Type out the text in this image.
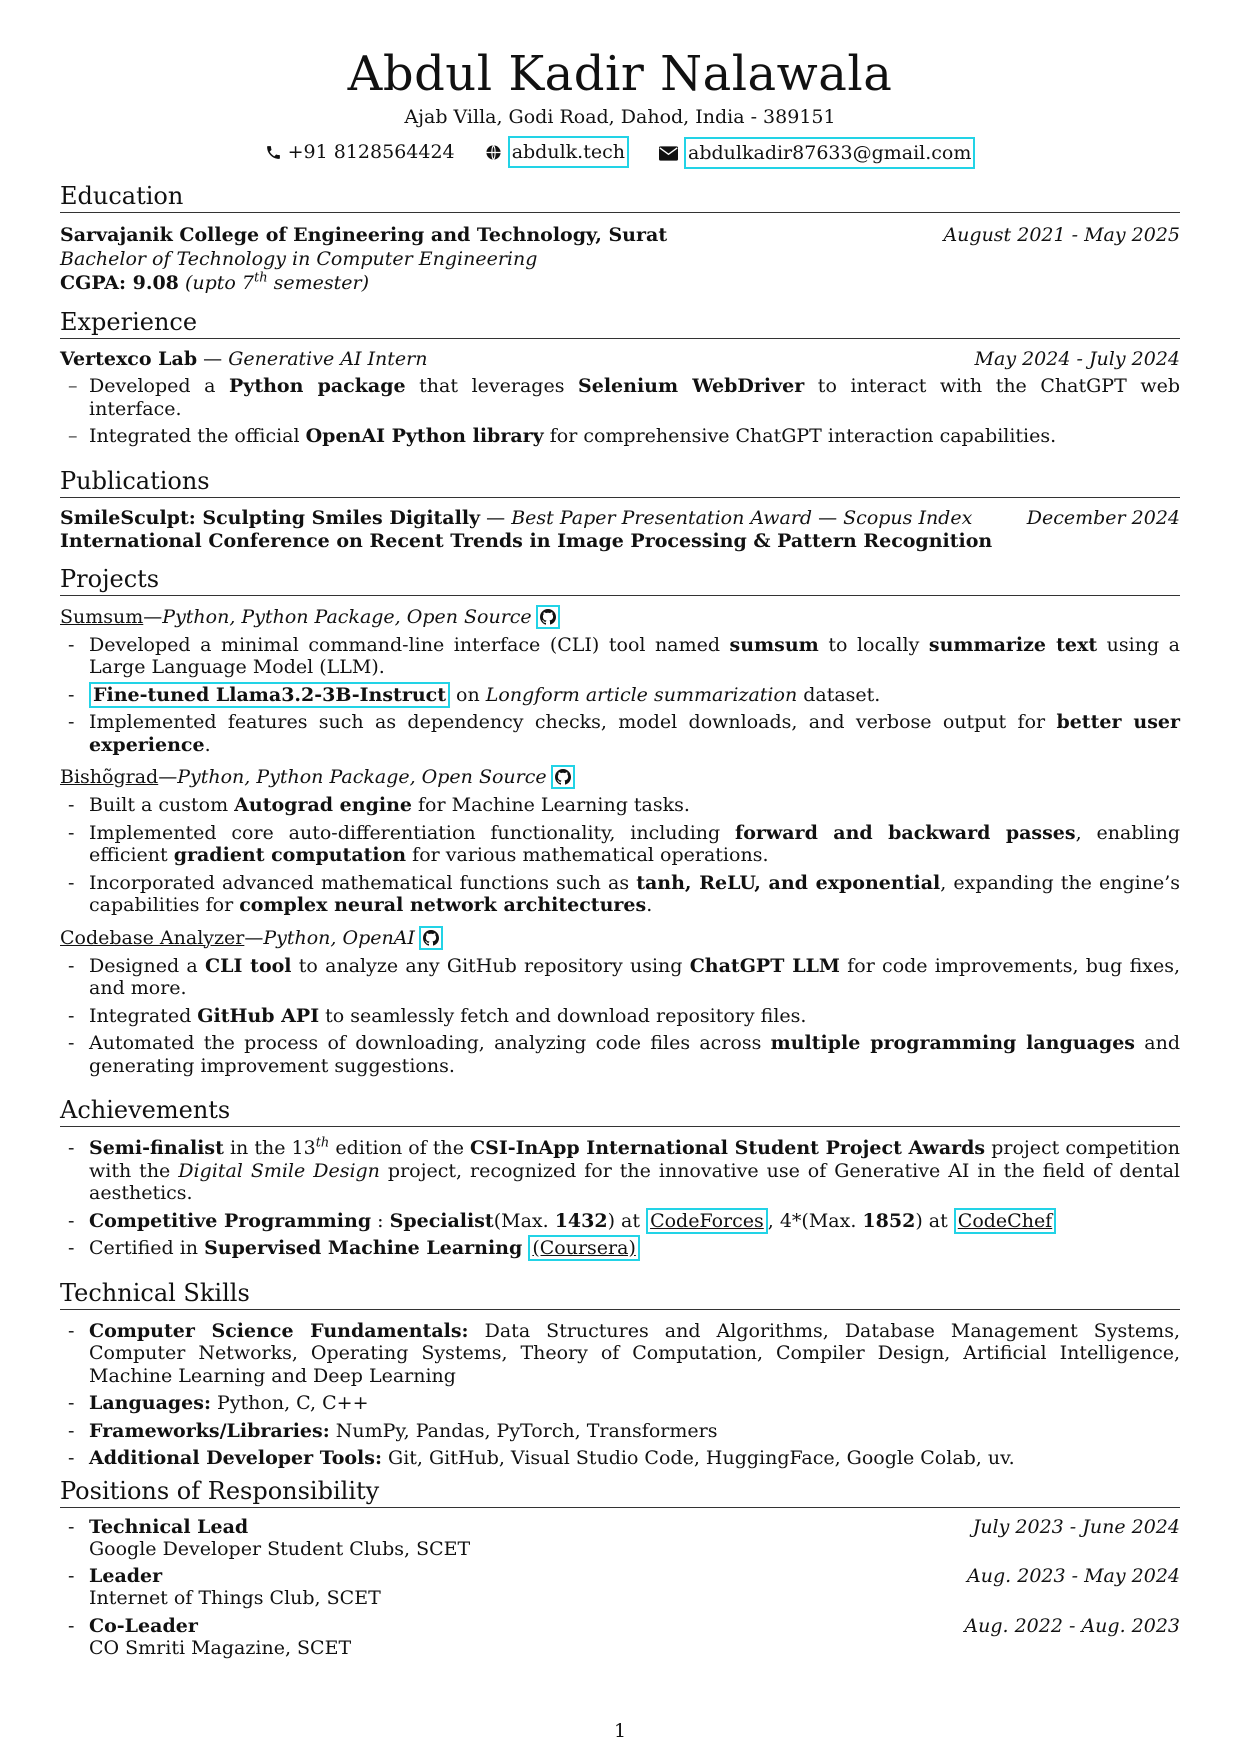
Abdul Kadir Nalawala
Ajab Villa, Godi Road, Dahod, India - 389151
+91 8128564424
	abdulk.tech
	abdulkadir87633@gmail.com
Education
Sarvajanik College of Engineering and Technology, Surat	August 2021 - May 2025
Bachelor of Technology in Computer Engineering
CGPA: 9.08 (upto 7th semester)
Experience
Vertexco Lab — Generative AI Intern	May 2024 - July 2024
– Developed a Python package that leverages Selenium WebDriver to interact with the ChatGPT web interface.
– Integrated the official OpenAI Python library for comprehensive ChatGPT interaction capabilities.
Publications
SmileSculpt: Sculpting Smiles Digitally — Best Paper Presentation Award — Scopus Index	December 2024
International Conference on Recent Trends in Image Processing & Pattern Recognition
Projects
Sumsum — Python, Python Package, Open Source
- Developed a minimal command-line interface (CLI) tool named sumsum to locally summarize text using a Large Language Model (LLM).
- Fine-tuned Llama3.2-3B-Instruct on Longform article summarization dataset.
- Implemented features such as dependency checks, model downloads, and verbose output for better user experience.
Bishõgrad — Python, Python Package, Open Source
- Built a custom Autograd engine for Machine Learning tasks.
- Implemented core auto-differentiation functionality, including forward and backward passes, enabling efficient gradient computation for various mathematical operations.
- Incorporated advanced mathematical functions such as tanh, ReLU, and exponential, expanding the engine’s capabilities for complex neural network architectures.
Codebase Analyzer — Python, OpenAI
- Designed a CLI tool to analyze any GitHub repository using ChatGPT LLM for code improvements, bug fixes, and more.
- Integrated GitHub API to seamlessly fetch and download repository files.
- Automated the process of downloading, analyzing code files across multiple programming languages and generating improvement suggestions.
Achievements
- Semi-finalist in the 13th edition of the CSI-InApp International Student Project Awards project competition with the Digital Smile Design project, recognized for the innovative use of Generative AI in the field of dental aesthetics.
- Competitive Programming : Specialist(Max. 1432) at CodeForces , 4*(Max. 1852) at CodeChef
- Certified in Supervised Machine Learning (Coursera)
Technical Skills
- Computer Science Fundamentals: Data Structures and Algorithms, Database Management Systems, Computer Networks, Operating Systems, Theory of Computation, Compiler Design, Artificial Intelligence, Machine Learning and Deep Learning
- Languages: Python, C, C++
- Frameworks/Libraries: NumPy, Pandas, PyTorch, Transformers
- Additional Developer Tools: Git, GitHub, Visual Studio Code, HuggingFace, Google Colab, uv.
Positions of Responsibility
- Technical Lead	July 2023 - June 2024
Google Developer Student Clubs, SCET
- Leader	Aug. 2023 - May 2024
Internet of Things Club, SCET
- Co-Leader	Aug. 2022 - Aug. 2023
CO Smriti Magazine, SCET
1
